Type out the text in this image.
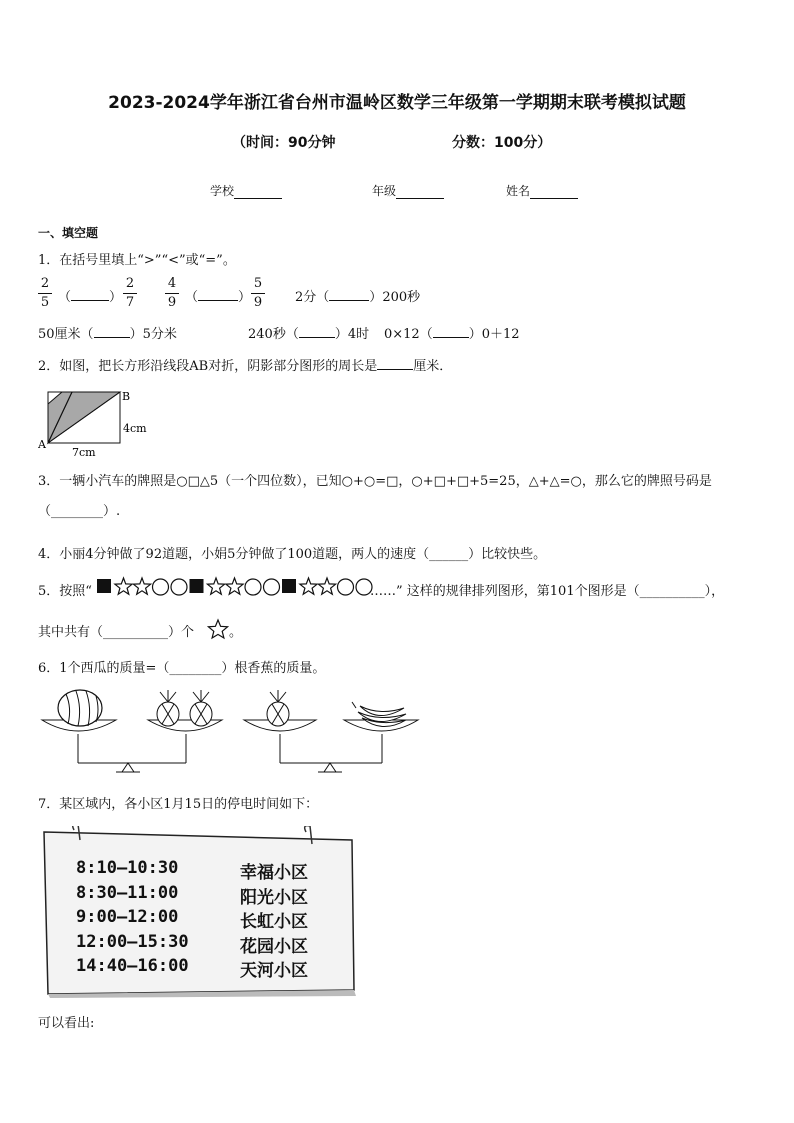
2023-2024学年浙江省台州市温岭区数学三年级第一学期期末联考模拟试题
（时间：90分钟	分数：100分）
学校	年级	姓名
一、填空题
1．在括号里填上“>”“<”或“=”。
$\frac{2}{5}$ （	） $\frac{2}{7} \frac{4}{9}$ （	） $\frac{5}{9} 2$分（	）200秒
50厘米（	）5分米	240秒（	）4时 0×12（	）0＋12
2．如图，把长方形沿线段AB对折，阴影部分图形的周长是	厘米．
A
B
4cm
7cm
3．一辆小汽车的牌照是○□△5（一个四位数），已知○+○=□，○+□+□+5=25，△+△=○，那么它的牌照号码是
（________）.
4．小丽4分钟做了92道题，小娟5分钟做了100道题，两人的速度（______）比较快些。
5．按照“	……” 这样的规律排列图形，第101个图形是（__________），
其中共有（__________）个	。
6．1个西瓜的质量=（________）根香蕉的质量。
7．某区域内，各小区1月15日的停电时间如下：
8:10—10:30	幸福小区
8:30—11:00	阳光小区
9:00—12:00	长虹小区
12:00—15:30	花园小区
14:40—16:00	天河小区
可以看出:
